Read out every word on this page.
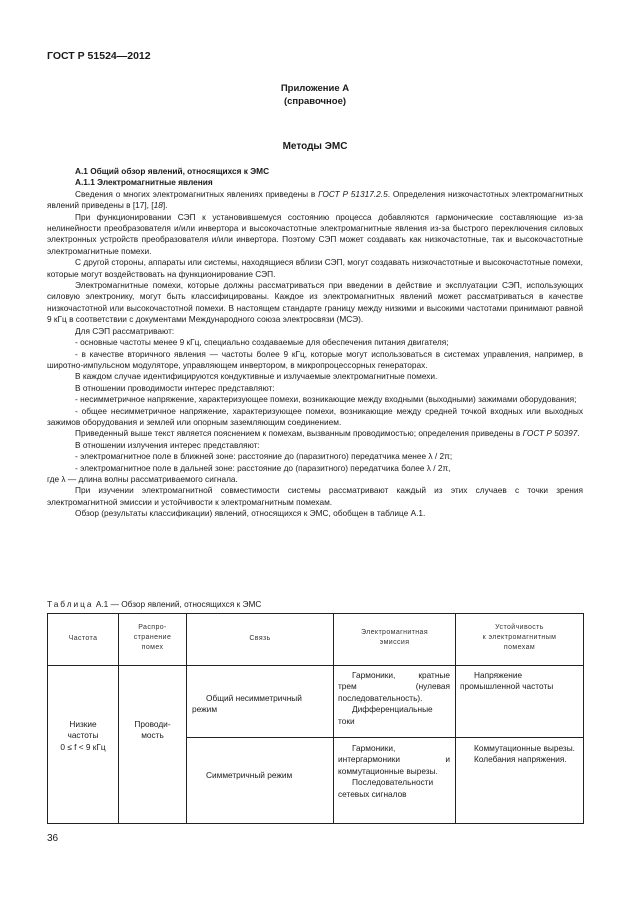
ГОСТ Р 51524—2012
Приложение А
(справочное)
Методы ЭМС

А.1 Общий обзор явлений, относящихся к ЭМС

А.1.1 Электромагнитные явления

Сведения о многих электромагнитных явлениях приведены в ГОСТ Р 51317.2.5. Определения низкочастотных электромагнитных явлений приведены в [17], [18].

При функционировании СЭП к установившемуся состоянию процесса добавляются гармонические составляющие из-за нелинейности преобразователя и/или инвертора и высокочастотные электромагнитные явления из-за быстрого переключения силовых электронных устройств преобразователя и/или инвертора. Поэтому СЭП может создавать как низкочастотные, так и высокочастотные электромагнитные помехи.

С другой стороны, аппараты или системы, находящиеся вблизи СЭП, могут создавать низкочастотные и высокочастотные помехи, которые могут воздействовать на функционирование СЭП.

Электромагнитные помехи, которые должны рассматриваться при введении в действие и эксплуатации СЭП, использующих силовую электронику, могут быть классифицированы. Каждое из электромагнитных явлений может рассматриваться в качестве низкочастотной или высокочастотной помехи. В настоящем стандарте границу между низкими и высокими частотами принимают равной 9 кГц в соответствии с документами Международного союза электросвязи (МСЭ).

Для СЭП рассматривают:

- основные частоты менее 9 кГц, специально создаваемые для обеспечения питания двигателя;

- в качестве вторичного явления — частоты более 9 кГц, которые могут использоваться в системах управления, например, в широтно-импульсном модуляторе, управляющем инвертором, в микропроцессорных генераторах.

В каждом случае идентифицируются кондуктивные и излучаемые электромагнитные помехи.

В отношении проводимости интерес представляют:

- несимметричное напряжение, характеризующее помехи, возникающие между входными (выходными) зажимами оборудования;

- общее несимметричное напряжение, характеризующее помехи, возникающие между средней точкой входных или выходных зажимов оборудования и землей или опорным заземляющим соединением.

Приведенный выше текст является пояснением к помехам, вызванным проводимостью; определения приведены в ГОСТ Р 50397.

В отношении излучения интерес представляют:

- электромагнитное поле в ближней зоне: расстояние до (паразитного) передатчика менее λ / 2π;

- электромагнитное поле в дальней зоне: расстояние до (паразитного) передатчика более λ / 2π,

где λ — длина волны рассматриваемого сигнала.

При изучении электромагнитной совместимости системы рассматривают каждый из этих случаев с точки зрения электромагнитной эмиссии и устойчивости к электромагнитным помехам.

Обзор (результаты классификации) явлений, относящихся к ЭМС, обобщен в таблице А.1.

Таблица А.1 — Обзор явлений, относящихся к ЭМС
Частота
Распро-
странение
помех
Связь
Электромагнитная
эмиссия
Устойчивость
к электромагнитным
помехам
Низкие
частоты
0 ≤ f < 9 кГц
Проводи-
мость
Общий несимметричный режим

Гармоники, кратные трем (нулевая последовательность).

Дифференциальные токи

Напряжение промышленной частоты

Симметричный режим

Гармоники, интергармоники и коммутационные вырезы.

Последовательности сетевых сигналов

Коммутационные вырезы.

Колебания напряжения.

36
